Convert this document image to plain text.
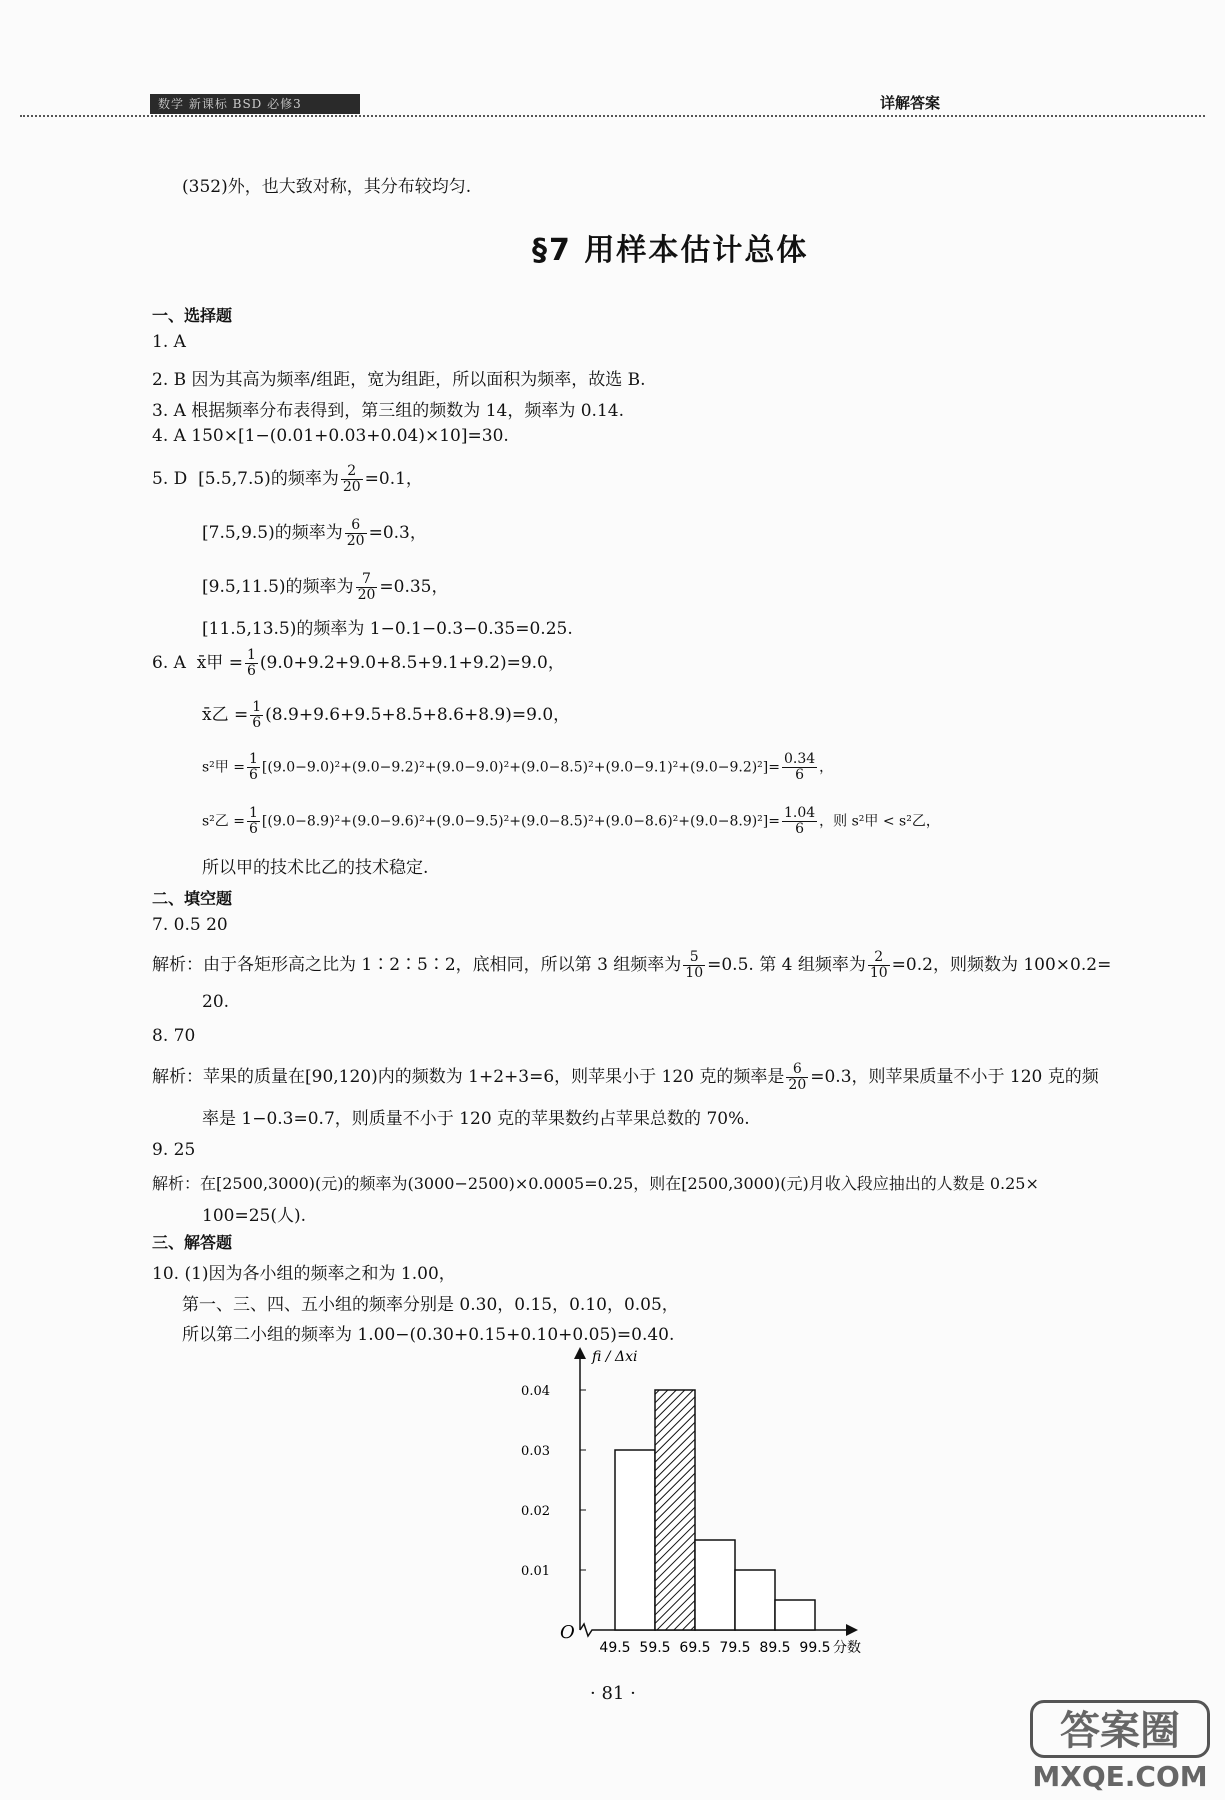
数学 新课标 BSD 必修3	详解答案
(352)外，也大致对称，其分布较均匀.
§7 用样本估计总体
一、选择题
1. A
2. B 因为其高为频率/组距，宽为组距，所以面积为频率，故选 B.
3. A 根据频率分布表得到，第三组的频数为 14，频率为 0.14.
4. A 150×[1−(0.01+0.03+0.04)×10]=30.
5. D [5.5,7.5)的频率为 $\frac{2}{20} =0.1$，
[7.5,9.5)的频率为 $\frac{6}{20} =0.3$，
[9.5,11.5)的频率为 $\frac{7}{20} =0.35$，
[11.5,13.5)的频率为 1−0.1−0.3−0.35=0.25.
6. A x̄甲 = $\frac{1}{6} (9.0+9.2+9.0+8.5+9.1+9.2)=9.0$，
x̄乙 = $\frac{1}{6} (8.9+9.6+9.5+8.5+8.6+8.9)=9.0$，
s²甲 = $\frac{1}{6} [(9.0-9.0)^2+(9.0-9.2)^2+(9.0-9.0)^2+(9.0-8.5)^2+(9.0-9.1)^2+(9.0-9.2)^2]= \frac{0.34}{6}$ ，
s²乙 = $\frac{1}{6} [(9.0-8.9)^2+(9.0-9.6)^2+(9.0-9.5)^2+(9.0-8.5)^2+(9.0-8.6)^2+(9.0-8.9)^2]= \frac{1.04}{6}$ ，则 s²甲 < s²乙，
所以甲的技术比乙的技术稳定.
二、填空题
7. 0.5 20
解析：由于各矩形高之比为 1∶2∶5∶2，底相同，所以第 3 组频率为 $\frac{5}{10} =0.5$. 第 4 组频率为 $\frac{2}{10} =0.2$，则频数为 100×0.2=
20.
8. 70
解析：苹果的质量在[90,120)内的频数为 1+2+3=6，则苹果小于 120 克的频率是 $\frac{6}{20} =0.3$，则苹果质量不小于 120 克的频
率是 1−0.3=0.7，则质量不小于 120 克的苹果数约占苹果总数的 70%.
9. 25
解析：在[2500,3000)(元)的频率为(3000−2500)×0.0005=0.25，则在[2500,3000)(元)月收入段应抽出的人数是 0.25×
100=25(人).
三、解答题
10. (1)因为各小组的频率之和为 1.00，
第一、三、四、五小组的频率分别是 0.30，0.15，0.10，0.05，
所以第二小组的频率为 1.00−(0.30+0.15+0.10+0.05)=0.40.
fi / Δxi
O
0.01
0.02
0.03
0.04
49.5 59.5 69.5 79.5 89.5 99.5 分数
· 81 ·
答案圈
MXQE.COM
